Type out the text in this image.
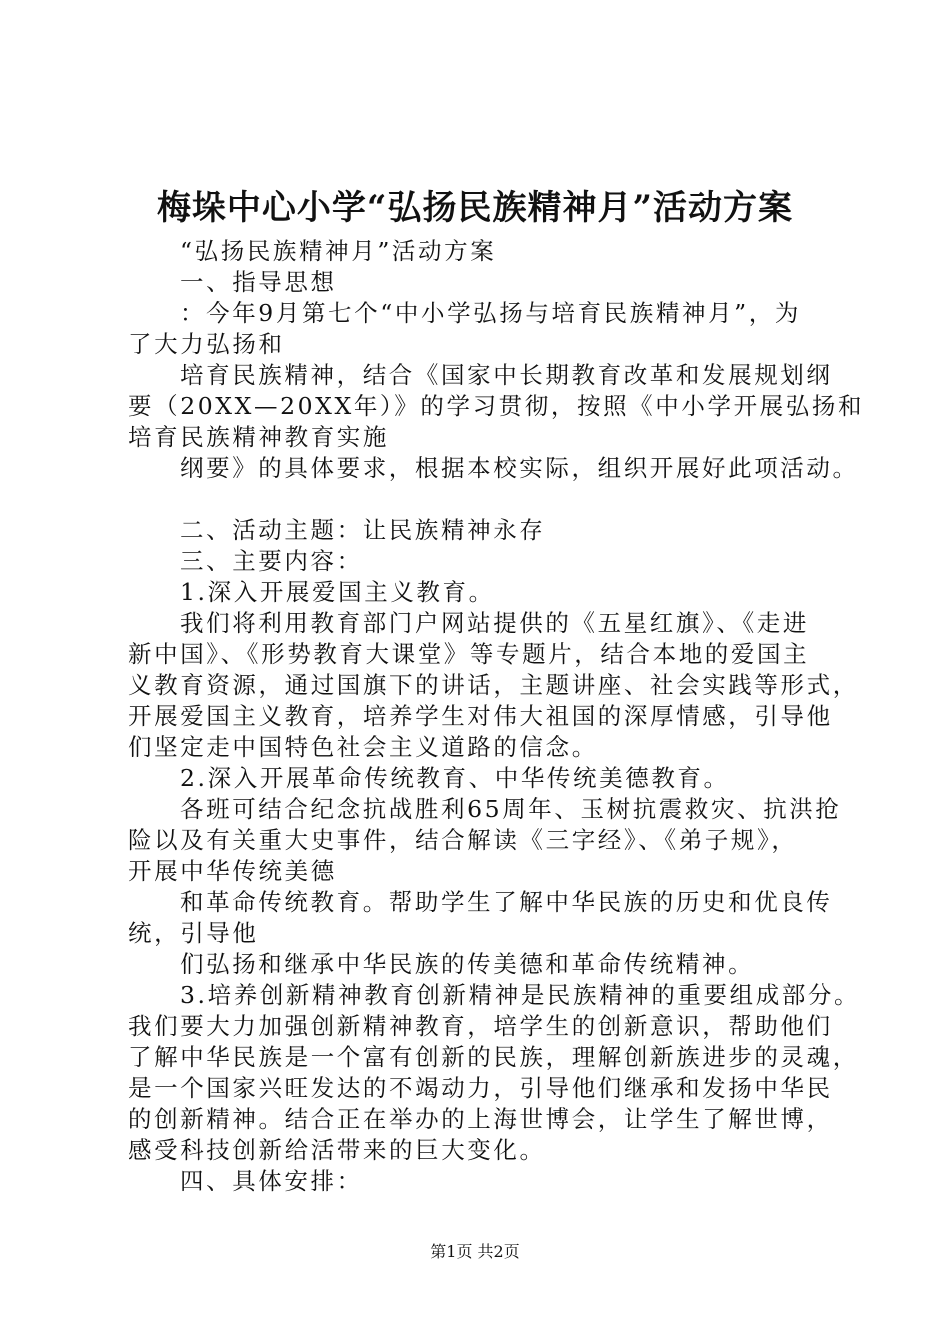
梅垛中心小学“弘扬民族精神月”活动方案
“弘扬民族精神月”活动方案
一、指导思想
：今年9月第七个“中小学弘扬与培育民族精神月”，为
了大力弘扬和
培育民族精神，结合《国家中长期教育改革和发展规划纲
要（20XX—20XX年）》的学习贯彻，按照《中小学开展弘扬和
培育民族精神教育实施
纲要》的具体要求，根据本校实际，组织开展好此项活动。
二、活动主题：让民族精神永存
三、主要内容：
1.深入开展爱国主义教育。
我们将利用教育部门户网站提供的《五星红旗》、《走进
新中国》、《形势教育大课堂》等专题片，结合本地的爱国主
义教育资源，通过国旗下的讲话，主题讲座、社会实践等形式，
开展爱国主义教育，培养学生对伟大祖国的深厚情感，引导他
们坚定走中国特色社会主义道路的信念。
2.深入开展革命传统教育、中华传统美德教育。
各班可结合纪念抗战胜利65周年、玉树抗震救灾、抗洪抢
险以及有关重大史事件，结合解读《三字经》、《弟子规》，
开展中华传统美德
和革命传统教育。帮助学生了解中华民族的历史和优良传
统，引导他
们弘扬和继承中华民族的传美德和革命传统精神。
3.培养创新精神教育创新精神是民族精神的重要组成部分。
我们要大力加强创新精神教育，培学生的创新意识，帮助他们
了解中华民族是一个富有创新的民族，理解创新族进步的灵魂，
是一个国家兴旺发达的不竭动力，引导他们继承和发扬中华民
的创新精神。结合正在举办的上海世博会，让学生了解世博，
感受科技创新给活带来的巨大变化。
四、具体安排：
第1页 共2页
